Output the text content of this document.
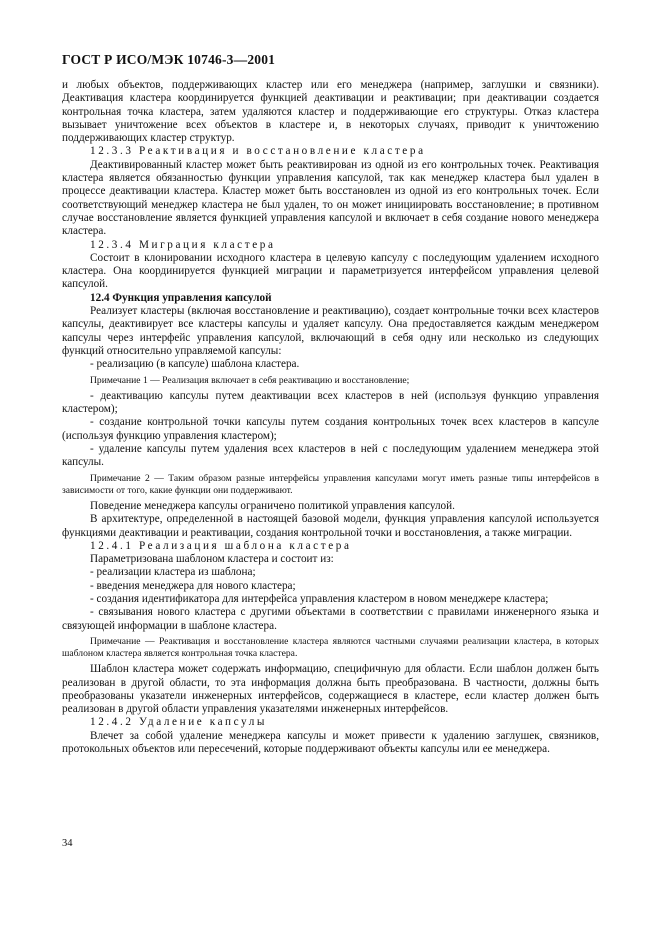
ГОСТ Р ИСО/МЭК 10746-3—2001

и любых объектов, поддерживающих кластер или его менеджера (например, заглушки и связники). Деактивация кластера координируется функцией деактивации и реактивации; при деактивации создается контрольная точка кластера, затем удаляются кластер и поддерживающие его структуры. Отказ кластера вызывает уничтожение всех объектов в кластере и, в некоторых случаях, приводит к уничтожению поддерживающих кластер структур.

12.3.3 Реактивация и восстановление кластера

Деактивированный кластер может быть реактивирован из одной из его контрольных точек. Реактивация кластера является обязанностью функции управления капсулой, так как менеджер кластера был удален в процессе деактивации кластера. Кластер может быть восстановлен из одной из его контрольных точек. Если соответствующий менеджер кластера не был удален, то он может инициировать восстановление; в противном случае восстановление является функцией управления капсулой и включает в себя создание нового менеджера кластера.

12.3.4 Миграция кластера

Состоит в клонировании исходного кластера в целевую капсулу с последующим удалением исходного кластера. Она координируется функцией миграции и параметризуется интерфейсом управления целевой капсулой.

12.4 Функция управления капсулой

Реализует кластеры (включая восстановление и реактивацию), создает контрольные точки всех кластеров капсулы, деактивирует все кластеры капсулы и удаляет капсулу. Она предоставляется каждым менеджером капсулы через интерфейс управления капсулой, включающий в себя одну или несколько из следующих функций относительно управляемой капсулы:

- реализацию (в капсуле) шаблона кластера.

Примечание 1 — Реализация включает в себя реактивацию и восстановление;

- деактивацию капсулы путем деактивации всех кластеров в ней (используя функцию управления кластером);

- создание контрольной точки капсулы путем создания контрольных точек всех кластеров в капсуле (используя функцию управления кластером);

- удаление капсулы путем удаления всех кластеров в ней с последующим удалением менеджера этой капсулы.

Примечание 2 — Таким образом разные интерфейсы управления капсулами могут иметь разные типы интерфейсов в зависимости от того, какие функции они поддерживают.

Поведение менеджера капсулы ограничено политикой управления капсулой.

В архитектуре, определенной в настоящей базовой модели, функция управления капсулой используется функциями деактивации и реактивации, создания контрольной точки и восстановления, а также миграции.

12.4.1 Реализация шаблона кластера

Параметризована шаблоном кластера и состоит из:

- реализации кластера из шаблона;

- введения менеджера для нового кластера;

- создания идентификатора для интерфейса управления кластером в новом менеджере кластера;

- связывания нового кластера с другими объектами в соответствии с правилами инженерного языка и связующей информации в шаблоне кластера.

Примечание — Реактивация и восстановление кластера являются частными случаями реализации кластера, в которых шаблоном кластера является контрольная точка кластера.

Шаблон кластера может содержать информацию, специфичную для области. Если шаблон должен быть реализован в другой области, то эта информация должна быть преобразована. В частности, должны быть преобразованы указатели инженерных интерфейсов, содержащиеся в кластере, если кластер должен быть реализован в другой области управления указателями инженерных интерфейсов.

12.4.2 Удаление капсулы

Влечет за собой удаление менеджера капсулы и может привести к удалению заглушек, связников, протокольных объектов или пересечений, которые поддерживают объекты капсулы или ее менеджера.

34
